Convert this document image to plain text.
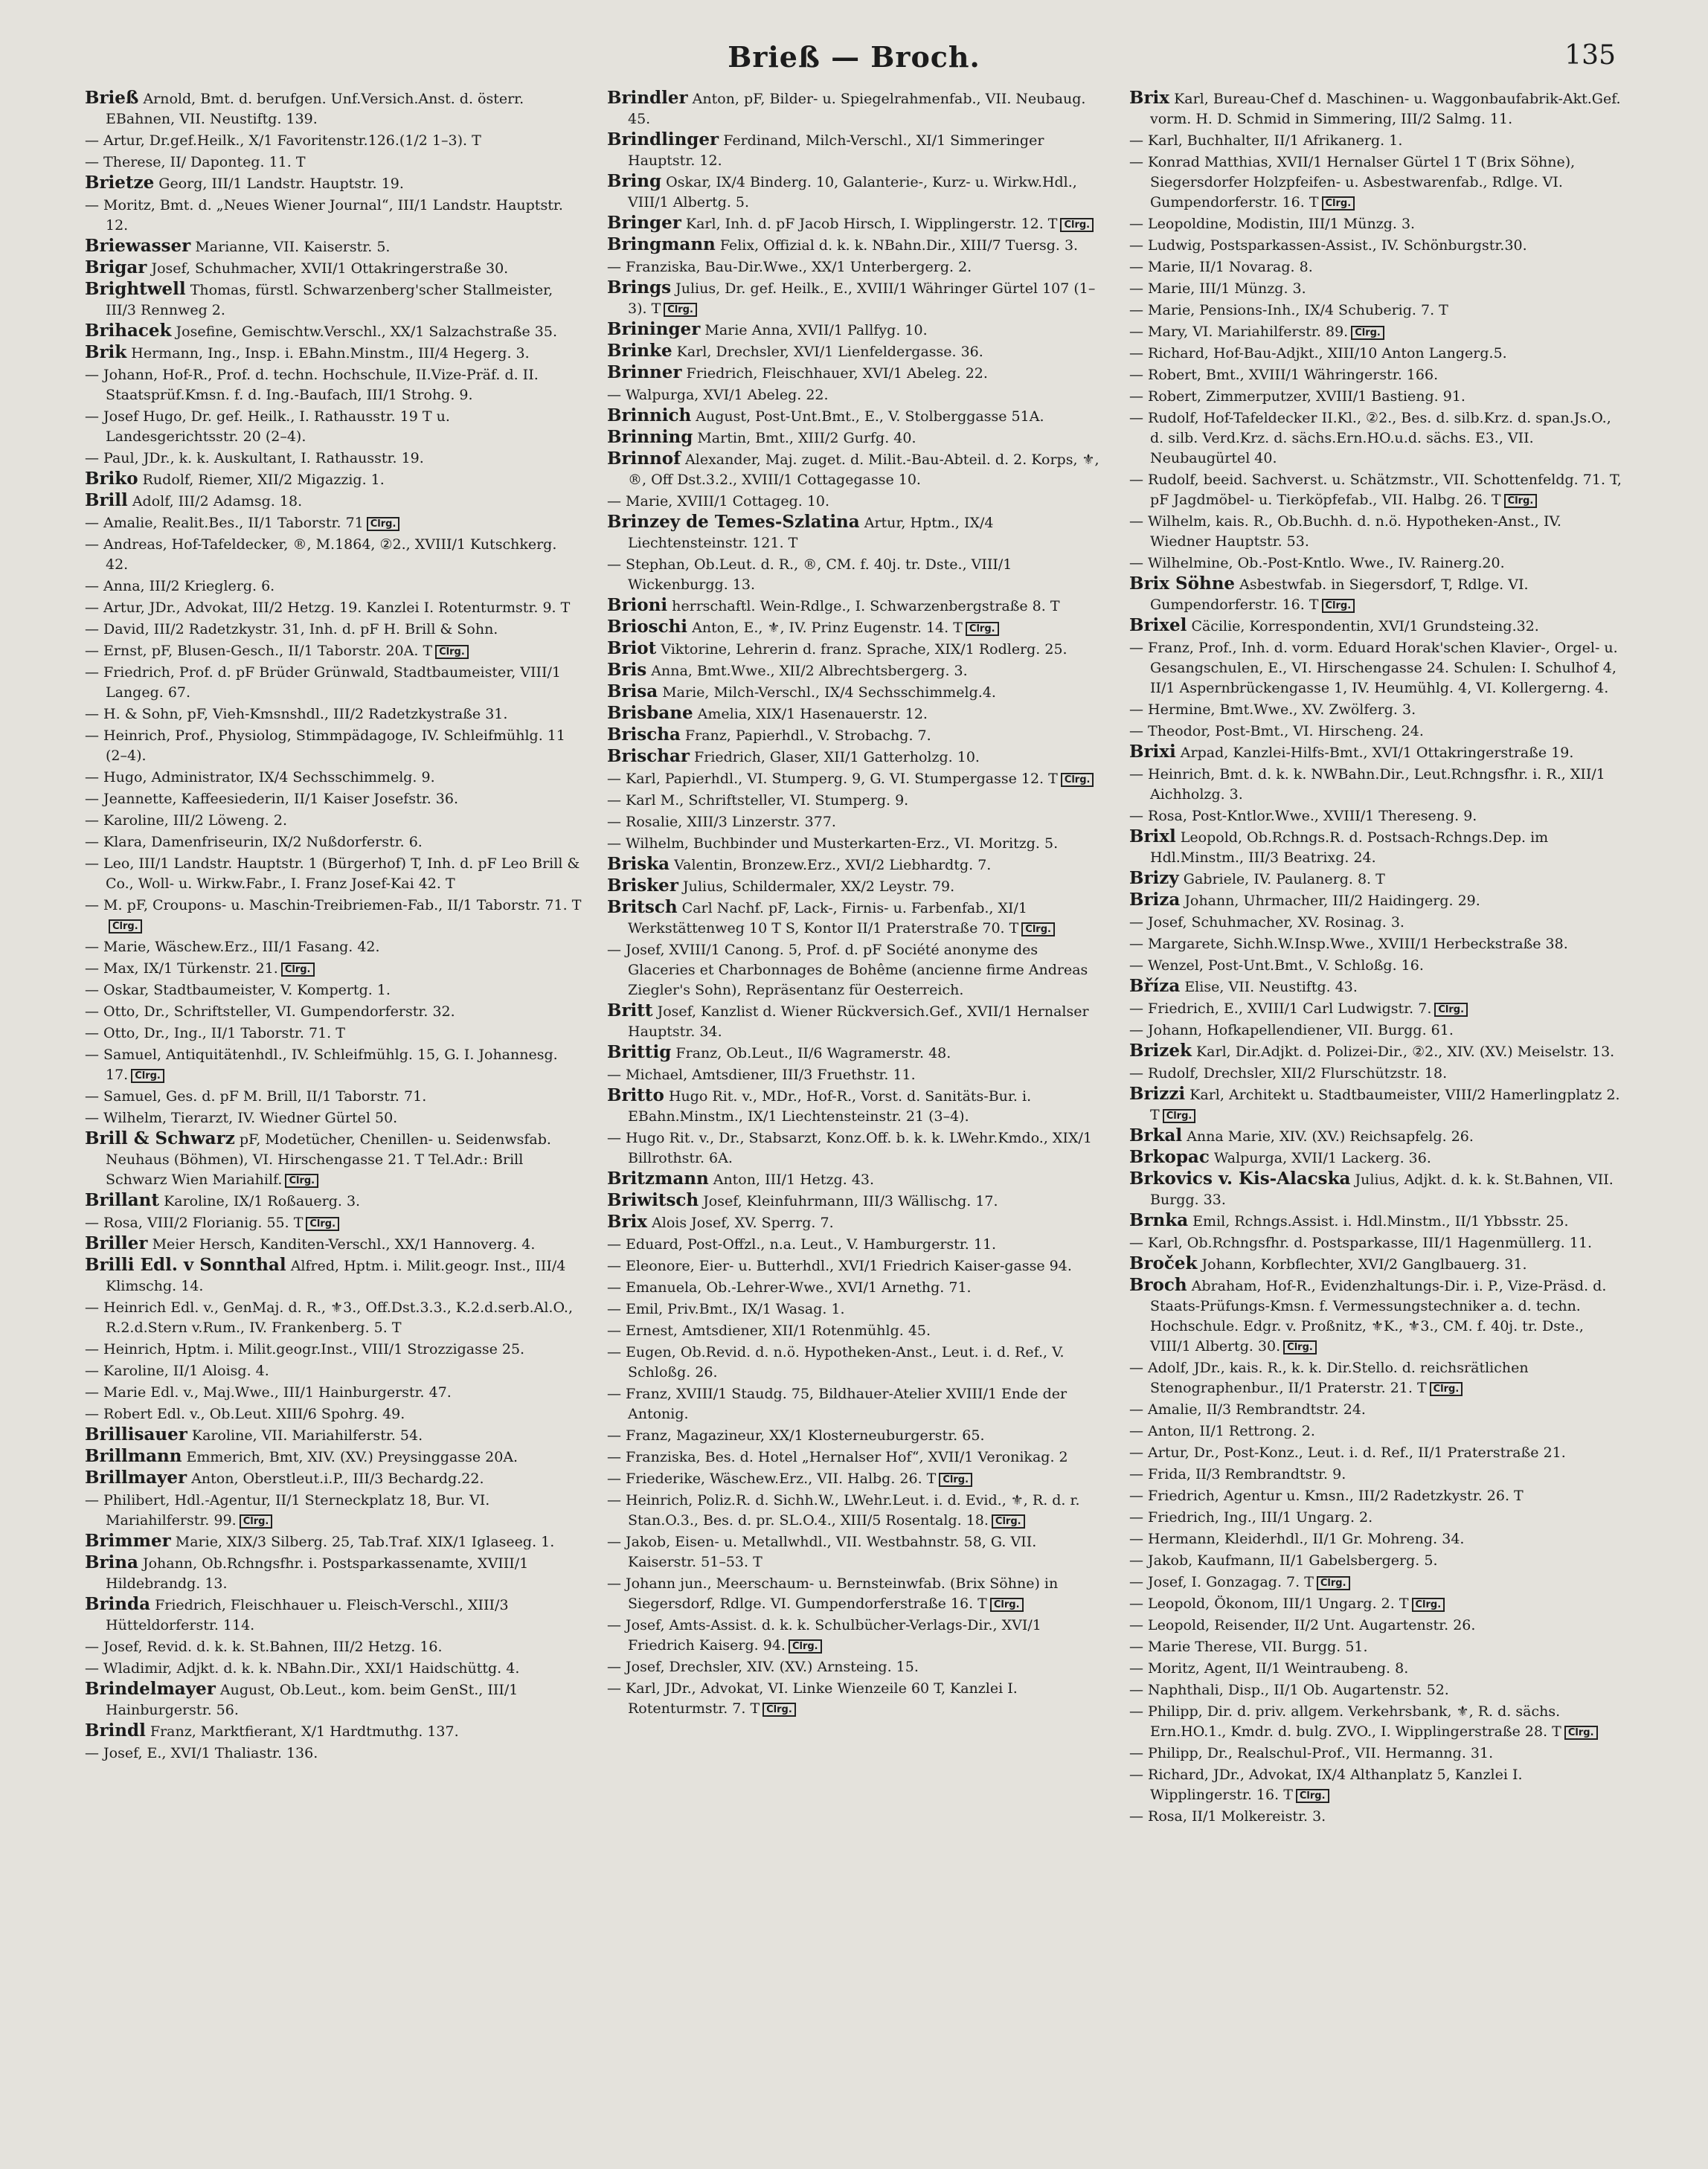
Brieß — Broch.	135

Brieß Arnold, Bmt. d. berufgen. Unf.Versich.Anst. d. österr. EBahnen, VII. Neustiftg. 139.

— Artur, Dr.gef.Heilk., X/1 Favoritenstr.126.(1/2 1–3). T

— Therese, II/ Daponteg. 11. T

Brietze Georg, III/1 Landstr. Hauptstr. 19.

— Moritz, Bmt. d. „Neues Wiener Journal“, III/1 Landstr. Hauptstr. 12.

Briewasser Marianne, VII. Kaiserstr. 5.

Brigar Josef, Schuhmacher, XVII/1 Ottakringerstraße 30.

Brightwell Thomas, fürstl. Schwarzenberg'scher Stallmeister, III/3 Rennweg 2.

Brihacek Josefine, Gemischtw.Verschl., XX/1 Salzachstraße 35.

Brik Hermann, Ing., Insp. i. EBahn.Minstm., III/4 Hegerg. 3.

— Johann, Hof-R., Prof. d. techn. Hochschule, II.Vize-Präf. d. II. Staatsprüf.Kmsn. f. d. Ing.-Baufach, III/1 Strohg. 9.

— Josef Hugo, Dr. gef. Heilk., I. Rathausstr. 19 T u. Landesgerichtsstr. 20 (2–4).

— Paul, JDr., k. k. Auskultant, I. Rathausstr. 19.

Briko Rudolf, Riemer, XII/2 Migazzig. 1.

Brill Adolf, III/2 Adamsg. 18.

— Amalie, Realit.Bes., II/1 Taborstr. 71 Clrg.

— Andreas, Hof-Tafeldecker, ®, M.1864, ②2., XVIII/1 Kutschkerg. 42.

— Anna, III/2 Kriegl​erg. 6.

— Artur, JDr., Advokat, III/2 Hetzg. 19. Kanzlei I. Rotenturmstr. 9. T

— David, III/2 Radetzkystr. 31, Inh. d. pF H. Brill & Sohn.

— Ernst, pF, Blusen-Gesch., II/1 Taborstr. 20A. T Clrg.

— Friedrich, Prof. d. pF Brüder Grünwald, Stadtbaumeister, VIII/1 Langeg. 67.

— H. & Sohn, pF, Vieh-Kmsnshdl., III/2 Radetzkystraße 31.

— Heinrich, Prof., Physiolog, Stimmpädagoge, IV. Schleifmühlg. 11 (2–4).

— Hugo, Administrator, IX/4 Sechsschimmelg. 9.

— Jeannette, Kaffeesiederin, II/1 Kaiser Josefstr. 36.

— Karoline, III/2 Löweng. 2.

— Klara, Damenfriseurin, IX/2 Nußdorferstr. 6.

— Leo, III/1 Landstr. Hauptstr. 1 (Bürgerhof) T, Inh. d. pF Leo Brill & Co., Woll- u. Wirkw.Fabr., I. Franz Josef-Kai 42. T

— M. pF, Croupons- u. Maschin-Treibriemen-Fab., II/1 Taborstr. 71. TClrg.

— Marie, Wäschew.Erz., III/1 Fasang. 42.

— Max, IX/1 Türkenstr. 21. Clrg.

— Oskar, Stadtbaumeister, V. Kompertg. 1.

— Otto, Dr., Schriftsteller, VI. Gumpendorferstr. 32.

— Otto, Dr., Ing., II/1 Taborstr. 71. T

— Samuel, Antiquitätenhdl., IV. Schleifmühlg. 15, G. I. Johannesg. 17. Clrg.

— Samuel, Ges. d. pF M. Brill, II/1 Taborstr. 71.

— Wilhelm, Tierarzt, IV. Wiedner Gürtel 50.

Brill & Schwarz pF, Modetücher, Chenillen- u. Seidenwsfab. Neuhaus (Böhmen), VI. Hirschengasse 21. T Tel.Adr.: Brill Schwarz Wien Mariahilf. Clrg.

Brillant Karoline, IX/1 Roßauerg. 3.

— Rosa, VIII/2 Florianig. 55. T Clrg.

Briller Meier Hersch, Kanditen-Verschl., XX/1 Hannoverg. 4.

Brilli Edl. v Sonnthal Alfred, Hptm. i. Milit.geogr. Inst., III/4 Klimschg. 14.

— Heinrich Edl. v., GenMaj. d. R., ⚜3., Off.Dst.3.3., K.2.d.serb.Al.O., R.2.d.Stern v.Rum., IV. Frankenberg. 5. T

— Heinrich, Hptm. i. Milit.geogr.Inst., VIII/1 Strozzigasse 25.

— Karoline, II/1 Aloisg. 4.

— Marie Edl. v., Maj.Wwe., III/1 Hainburgerstr. 47.

— Robert Edl. v., Ob.Leut. XIII/6 Spohrg. 49.

Brillisauer Karoline, VII. Mariahilferstr. 54.

Brillmann Emmerich, Bmt, XIV. (XV.) Preysinggasse 20A.

Brillmayer Anton, Oberstleut.i.P., III/3 Bechardg.22.

— Philibert, Hdl.-Agentur, II/1 Sterneckplatz 18, Bur. VI. Mariahilferstr. 99. Clrg.

Brimmer Marie, XIX/3 Silberg. 25, Tab.Traf. XIX/1 Iglaseeg. 1.

Brina Johann, Ob.Rchngsfhr. i. Postsparkassenamte, XVIII/1 Hildebrandg. 13.

Brinda Friedrich, Fleischhauer u. Fleisch-Verschl., XIII/3 Hütteldorferstr. 114.

— Josef, Revid. d. k. k. St.Bahnen, III/2 Hetzg. 16.

— Wladimir, Adjkt. d. k. k. NBahn.Dir., XXI/1 Haidschüttg. 4.

Brindelmayer August, Ob.Leut., kom. beim GenSt., III/1 Hainburgerstr. 56.

Brindl Franz, Marktfierant, X/1 Hardtmuthg. 137.

— Josef, E., XVI/1 Thaliastr. 136.

Brindler Anton, pF, Bilder- u. Spiegelrahmenfab., VII. Neubaug. 45.

Brindlinger Ferdinand, Milch-Verschl., XI/1 Simmeringer Hauptstr. 12.

Bring Oskar, IX/4 Binderg. 10, Galanterie-, Kurz- u. Wirkw.Hdl., VIII/1 Albertg. 5.

Bringer Karl, Inh. d. pF Jacob Hirsch, I. Wipplingerstr. 12. T Clrg.

Bringmann Felix, Offizial d. k. k. NBahn.Dir., XIII/7 Tuersg. 3.

— Franziska, Bau-Dir.Wwe., XX/1 Unterbergerg. 2.

Brings Julius, Dr. gef. Heilk., E., XVIII/1 Währinger Gürtel 107 (1–3). T Clrg.

Brininger Marie Anna, XVII/1 Pallfyg. 10.

Brinke Karl, Drechsler, XVI/1 Lienfeldergasse. 36.

Brinner Friedrich, Fleischhauer, XVI/1 Abeleg. 22.

— Walpurga, XVI/1 Abeleg. 22.

Brinnich August, Post-Unt.Bmt., E., V. Stolberggasse 51A.

Brinning Martin, Bmt., XIII/2 Gurfg. 40.

Brinnof Alexander, Maj. zuget. d. Milit.-Bau-Abteil. d. 2. Korps, ⚜, ®, Off Dst.3.2., XVIII/1 Cottagegasse 10.

— Marie, XVIII/1 Cottageg. 10.

Brinzey de Temes-Szlatina Artur, Hptm., IX/4 Liechtensteinstr. 121. T

— Stephan, Ob.Leut. d. R., ®, CM. f. 40j. tr. Dste., VIII/1 Wickenburgg. 13.

Brioni herrschaftl. Wein-Rdlge., I. Schwarzenbergstraße 8. T

Brioschi Anton, E., ⚜, IV. Prinz Eugenstr. 14. T Clrg.

Briot Viktorine, Lehrerin d. franz. Sprache, XIX/1 Rodlerg. 25.

Bris Anna, Bmt.Wwe., XII/2 Albrechtsbergerg. 3.

Brisa Marie, Milch-Verschl., IX/4 Sechsschimmelg.4.

Brisbane Amelia, XIX/1 Hasenauerstr. 12.

Brischa Franz, Papierhdl., V. Strobachg. 7.

Brischar Friedrich, Glaser, XII/1 Gatterholzg. 10.

— Karl, Papierhdl., VI. Stumperg. 9, G. VI. Stumpergasse 12. T Clrg.

— Karl M., Schriftsteller, VI. Stumperg. 9.

— Rosalie, XIII/3 Linzerstr. 377.

— Wilhelm, Buchbinder und Musterkarten-Erz., VI. Moritzg. 5.

Briska Valentin, Bronzew.Erz., XVI/2 Liebhardtg. 7.

Brisker Julius, Schildermaler, XX/2 Leystr. 79.

Britsch Carl Nachf. pF, Lack-, Firnis- u. Farbenfab., XI/1 Werkstättenweg 10 T S, Kontor II/1 Praterstraße 70. T Clrg.

— Josef, XVIII/1 Canong. 5, Prof. d. pF Société anonyme des Glaceries et Charbonnages de Bohême (ancienne firme Andreas Ziegler's Sohn), Repräsentanz für Oesterreich.

Britt Josef, Kanzlist d. Wiener Rückversich.Gef., XVII/1 Hernalser Hauptstr. 34.

Brittig Franz, Ob.Leut., II/6 Wagramerstr. 48.

— Michael, Amtsdiener, III/3 Fruethstr. 11.

Britto Hugo Rit. v., MDr., Hof-R., Vorst. d. Sanitäts-Bur. i. EBahn.Minstm., IX/1 Liechtensteinstr. 21 (3–4).

— Hugo Rit. v., Dr., Stabsarzt, Konz.Off. b. k. k. LWehr.Kmdo., XIX/1 Billrothstr. 6A.

Britzmann Anton, III/1 Hetzg. 43.

Briwitsch Josef, Kleinfuhrmann, III/3 Wällischg. 17.

Brix Alois Josef, XV. Sperrg. 7.

— Eduard, Post-Offzl., n.a. Leut., V. Hamburgerstr. 11.

— Eleonore, Eier- u. Butterhdl., XVI/1 Friedrich Kaiser-gasse 94.

— Emanuela, Ob.-Lehrer-Wwe., XVI/1 Arnethg. 71.

— Emil, Priv.Bmt., IX/1 Wasag. 1.

— Ernest, Amtsdiener, XII/1 Rotenmühlg. 45.

— Eugen, Ob.Revid. d. n.ö. Hypotheken-Anst., Leut. i. d. Ref., V. Schloßg. 26.

— Franz, XVIII/1 Staudg. 75, Bildhauer-Atelier XVIII/1 Ende der Antonig.

— Franz, Magazineur, XX/1 Klosterneuburgerstr. 65.

— Franziska, Bes. d. Hotel „Hernalser Hof“, XVII/1 Veronikag. 2

— Friederike, Wäschew.Erz., VII. Halbg. 26. T Clrg.

— Heinrich, Poliz.R. d. Sichh.W., LWehr.Leut. i. d. Evid., ⚜, R. d. r. Stan.O.3., Bes. d. pr. SL.O.4., XIII/5 Rosentalg. 18. Clrg.

— Jakob, Eisen- u. Metallwhdl., VII. Westbahnstr. 58, G. VII. Kaiserstr. 51–53. T

— Johann jun., Meerschaum- u. Bernsteinwfab. (Brix Söhne) in Siegersdorf, Rdlge. VI. Gumpendorferstraße 16. T Clrg.

— Josef, Amts-Assist. d. k. k. Schulbücher-Verlags-Dir., XVI/1 Friedrich Kaiserg. 94. Clrg.

— Josef, Drechsler, XIV. (XV.) Arnsteing. 15.

— Karl, JDr., Advokat, VI. Linke Wienzeile 60 T, Kanzlei I. Rotenturmstr. 7. T Clrg.

Brix Karl, Bureau-Chef d. Maschinen- u. Waggonbaufabrik-Akt.Gef. vorm. H. D. Schmid in Simmering, III/2 Salmg. 11.

— Karl, Buchhalter, II/1 Afrikanerg. 1.

— Konrad Matthias, XVII/1 Hernalser Gürtel 1 T (Brix Söhne), Siegersdorfer Holzpfeifen- u. Asbestwarenfab., Rdlge. VI. Gumpendorferstr. 16. T Clrg.

— Leopoldine, Modistin, III/1 Münzg. 3.

— Ludwig, Postsparkassen-Assist., IV. Schönburgstr.30.

— Marie, II/1 Novarag. 8.

— Marie, III/1 Münzg. 3.

— Marie, Pensions-Inh., IX/4 Schuberig. 7. T

— Mary, VI. Mariahilferstr. 89. Clrg.

— Richard, Hof-Bau-Adjkt., XIII/10 Anton Langerg.5.

— Robert, Bmt., XVIII/1 Währingerstr. 166.

— Robert, Zimmerputzer, XVIII/1 Bastieng. 91.

— Rudolf, Hof-Tafeldecker II.Kl., ②2., Bes. d. silb.Krz. d. span.Js.O., d. silb. Verd.Krz. d. sächs.Ern.HO.u.d. sächs. E3., VII. Neubaugürtel 40.

— Rudolf, beeid. Sachverst. u. Schätzmstr., VII. Schottenfeldg. 71. T, pF Jagdmöbel- u. Tierköpfefab., VII. Halbg. 26. T Clrg.

— Wilhelm, kais. R., Ob.Buchh. d. n.ö. Hypotheken-Anst., IV. Wiedner Hauptstr. 53.

— Wilhelmine, Ob.-Post-Kntlo. Wwe., IV. Rainerg.20.

Brix Söhne Asbestwfab. in Siegersdorf, T, Rdlge. VI. Gumpendorferstr. 16. T Clrg.

Brixel Cäcilie, Korrespondentin, XVI/1 Grundsteing.32.

— Franz, Prof., Inh. d. vorm. Eduard Horak'schen Klavier-, Orgel- u. Gesangschulen, E., VI. Hirschengasse 24. Schulen: I. Schulhof 4, II/1 Aspernbrückengasse 1, IV. Heumühlg. 4, VI. Kollergerng. 4.

— Hermine, Bmt.Wwe., XV. Zwölferg. 3.

— Theodor, Post-Bmt., VI. Hirscheng. 24.

Brixi Arpad, Kanzlei-Hilfs-Bmt., XVI/1 Ottakringerstraße 19.

— Heinrich, Bmt. d. k. k. NWBahn.Dir., Leut.Rchngsfhr. i. R., XII/1 Aichholzg. 3.

— Rosa, Post-Kntlor.Wwe., XVIII/1 Thereseng. 9.

Brixl Leopold, Ob.Rchngs.R. d. Postsach-Rchngs.Dep. im Hdl.Minstm., III/3 Beatrixg. 24.

Brizy Gabriele, IV. Paulanerg. 8. T

Briza Johann, Uhrmacher, III/2 Haidingerg. 29.

— Josef, Schuhmacher, XV. Rosinag. 3.

— Margarete, Sichh.W.Insp.Wwe., XVIII/1 Herbeckstraße 38.

— Wenzel, Post-Unt.Bmt., V. Schloßg. 16.

Bříza Elise, VII. Neustiftg. 43.

— Friedrich, E., XVIII/1 Carl Ludwigstr. 7. Clrg.

— Johann, Hofkapellendiener, VII. Burgg. 61.

Brizek Karl, Dir.Adjkt. d. Polizei-Dir., ②2., XIV. (XV.) Meiselstr. 13.

— Rudolf, Drechsler, XII/2 Flurschützstr. 18.

Brizzi Karl, Architekt u. Stadtbaumeister, VIII/2 Hamerlingplatz 2. T Clrg.

Brkal Anna Marie, XIV. (XV.) Reichsapfelg. 26.

Brkopac Walpurga, XVII/1 Lackerg. 36.

Brkovics v. Kis-Alacska Julius, Adjkt. d. k. k. St.Bahnen, VII. Burgg. 33.

Brnka Emil, Rchngs.Assist. i. Hdl.Minstm., II/1 Ybbsstr. 25.

— Karl, Ob.Rchngsfhr. d. Postsparkasse, III/1 Hagenmüllerg. 11.

Broček Johann, Korbflechter, XVI/2 Ganglbauerg. 31.

Broch Abraham, Hof-R., Evidenzhaltungs-Dir. i. P., Vize-Präsd. d. Staats-Prüfungs-Kmsn. f. Vermessungstechniker a. d. techn. Hochschule. Edgr. v. Proßnitz, ⚜K., ⚜3., CM. f. 40j. tr. Dste., VIII/1 Albertg. 30. Clrg.

— Adolf, JDr., kais. R., k. k. Dir.Stello. d. reichsrätlichen Stenographenbur., II/1 Praterstr. 21. T Clrg.

— Amalie, II/3 Rembrandtstr. 24.

— Anton, II/1 Rettrong. 2.

— Artur, Dr., Post-Konz., Leut. i. d. Ref., II/1 Praterstraße 21.

— Frida, II/3 Rembrandtstr. 9.

— Friedrich, Agentur u. Kmsn., III/2 Radetzkystr. 26. T

— Friedrich, Ing., III/1 Ungarg. 2.

— Hermann, Kleiderhdl., II/1 Gr. Mohreng. 34.

— Jakob, Kaufmann, II/1 Gabelsbergerg. 5.

— Josef, I. Gonzagag. 7. T Clrg.

— Leopold, Ökonom, III/1 Ungarg. 2. T Clrg.

— Leopold, Reisender, II/2 Unt. Augartenstr. 26.

— Marie Therese, VII. Burgg. 51.

— Moritz, Agent, II/1 Weintraubeng. 8.

— Naphthali, Disp., II/1 Ob. Augartenstr. 52.

— Philipp, Dir. d. priv. allgem. Verkehrsbank, ⚜, R. d. sächs. Ern.HO.1., Kmdr. d. bulg. ZVO., I. Wipplingerstraße 28. T Clrg.

— Philipp, Dr., Realschul-Prof., VII. Hermanng. 31.

— Richard, JDr., Advokat, IX/4 Althanplatz 5, Kanzlei I. Wipplingerstr. 16. T Clrg.

— Rosa, II/1 Molkereistr. 3.
